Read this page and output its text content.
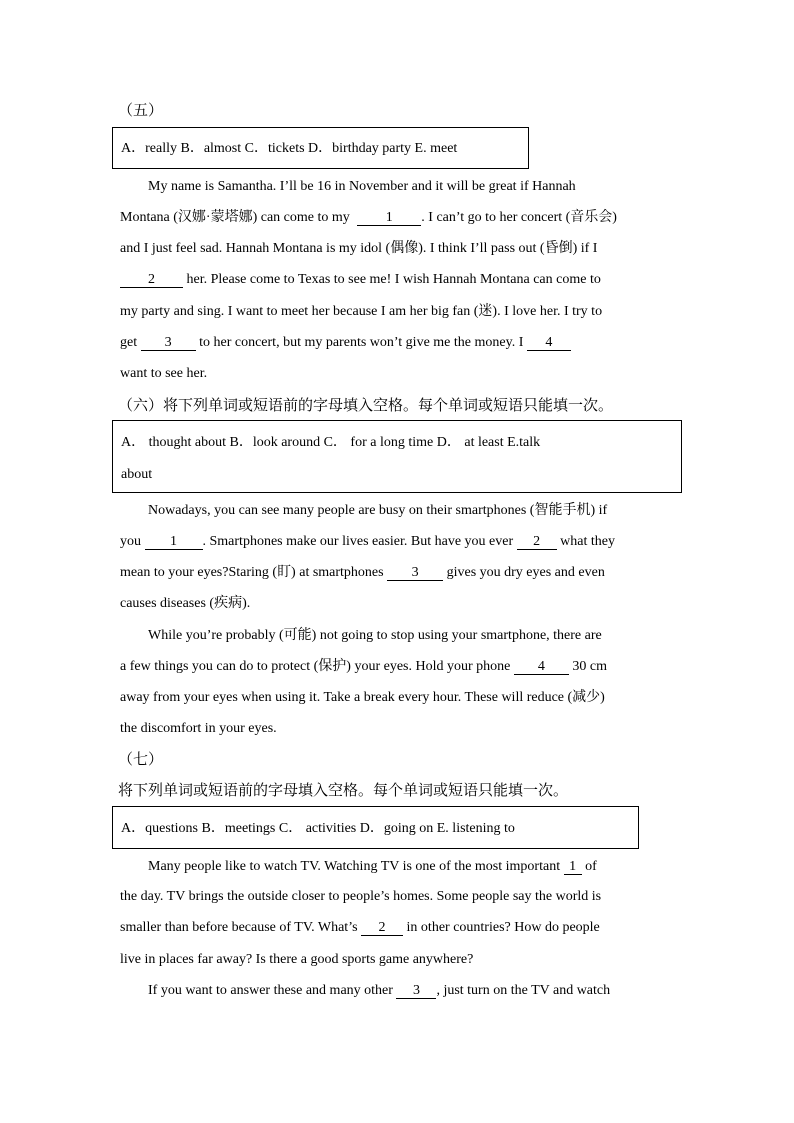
（五）
A．really B．almost C．tickets D．birthday party E. meet
My name is Samantha. I’ll be 16 in November and it will be great if Hannah
Montana (汉娜·蒙塔娜) can come to my	1 . I can’t go to her concert (音乐会)
and I just feel sad. Hannah Montana is my idol (偶像). I think I’ll pass out (昏倒) if I
2 her. Please come to Texas to see me! I wish Hannah Montana can come to
my party and sing. I want to meet her because I am her big fan (迷). I love her. I try to
get 3 to her concert, but my parents won’t give me the money. I 4
want to see her.
（六）将下列单词或短语前的字母填入空格。每个单词或短语只能填一次。
A． thought about B．look around C． for a long time D． at least E.talk
about
Nowadays, you can see many people are busy on their smartphones (智能手机) if
you 1 . Smartphones make our lives easier. But have you ever 2 what they
mean to your eyes?Staring (盯) at smartphones 3 gives you dry eyes and even
causes diseases (疾病).
While you’re probably (可能) not going to stop using your smartphone, there are
a few things you can do to protect (保护) your eyes. Hold your phone 4 30 cm
away from your eyes when using it. Take a break every hour. These will reduce (减少)
the discomfort in your eyes.
（七）
将下列单词或短语前的字母填入空格。每个单词或短语只能填一次。
A．questions B．meetings C． activities D．going on E. listening to
Many people like to watch TV. Watching TV is one of the most important 1 of
the day. TV brings the outside closer to people’s homes. Some people say the world is
smaller than before because of TV. What’s 2 in other countries? How do people
live in places far away? Is there a good sports game anywhere?
If you want to answer these and many other 3 , just turn on the TV and watch
